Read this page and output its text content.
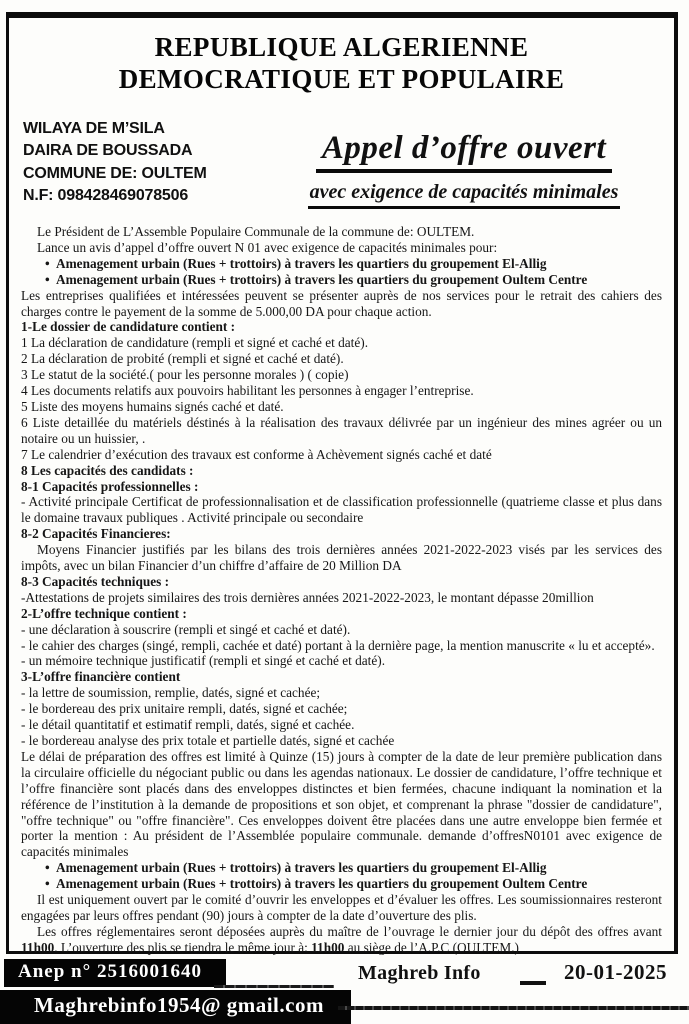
REPUBLIQUE ALGERIENNE DEMOCRATIQUE ET POPULAIRE
WILAYA DE M’SILA
DAIRA DE BOUSSADA
COMMUNE DE: OULTEM
N.F: 098428469078506
Appel d’offre ouvert
avec exigence de capacités minimales
Le Président de L’Assemble Populaire Communale de la commune de: OULTEM.
Lance un avis d’appel d’offre ouvert N 01 avec exigence de capacités minimales pour:
• Amenagement urbain (Rues + trottoirs) à travers les quartiers du groupement El-Allig
• Amenagement urbain (Rues + trottoirs) à travers les quartiers du groupement Oultem Centre
Les entreprises qualifiées et intéressées peuvent se présenter auprès de nos services pour le retrait des cahiers des charges contre le payement de la somme de 5.000,00 DA pour chaque action.
1-Le dossier de candidature contient :
1 La déclaration de candidature (rempli et signé et caché et daté).
2 La déclaration de probité (rempli et signé et caché et daté).
3 Le statut de la société.( pour les personne morales ) ( copie)
4 Les documents relatifs aux pouvoirs habilitant les personnes à engager l’entreprise.
5 Liste des moyens humains signés caché et daté.
6 Liste detaillée du matériels déstinés à la réalisation des travaux délivrée par un ingénieur des mines agréer ou un notaire ou un huissier, .
7 Le calendrier d’exécution des travaux est conforme à Achèvement signés caché et daté
8 Les capacités des candidats :
8-1 Capacités professionnelles :
- Activité principale Certificat de professionnalisation et de classification professionnelle (quatrieme classe et plus dans le domaine travaux publiques . Activité principale ou secondaire
8-2 Capacités Financieres:
Moyens Financier justifiés par les bilans des trois dernières années 2021-2022-2023 visés par les services des impôts, avec un bilan Financier d’un chiffre d’affaire de 20 Million DA
8-3 Capacités techniques :
-Attestations de projets similaires des trois dernières années 2021-2022-2023, le montant dépasse 20million
2-L’offre technique contient :
- une déclaration à souscrire (rempli et singé et caché et daté).
- le cahier des charges (singé, rempli, cachée et daté) portant à la dernière page, la mention manuscrite « lu et accepté».
- un mémoire technique justificatif (rempli et singé et caché et daté).
3-L’offre financière contient
- la lettre de soumission, remplie, datés, signé et cachée;
- le bordereau des prix unitaire rempli, datés, signé et cachée;
- le détail quantitatif et estimatif rempli, datés, signé et cachée.
- le bordereau analyse des prix totale et partielle datés, signé et cachée
Le délai de préparation des offres est limité à Quinze (15) jours à compter de la date de leur première publication dans la circulaire officielle du négociant public ou dans les agendas nationaux. Le dossier de candidature, l’offre technique et l’offre financière sont placés dans des enveloppes distinctes et bien fermées, chacune indiquant la nomination et la référence de l’institution à la demande de propositions et son objet, et comprenant la phrase "dossier de candidature", "offre technique" ou "offre financière". Ces enveloppes doivent être placées dans une autre enveloppe bien fermée et porter la mention : Au président de l’Assemblée populaire communale. demande d’offresN0101 avec exigence de capacités minimales
• Amenagement urbain (Rues + trottoirs) à travers les quartiers du groupement El-Allig
• Amenagement urbain (Rues + trottoirs) à travers les quartiers du groupement Oultem Centre
Il est uniquement ouvert par le comité d’ouvrir les enveloppes et d’évaluer les offres. Les soumissionnaires resteront engagées par leurs offres pendant (90) jours à compter de la date d’ouverture des plis.
Les offres réglementaires seront déposées auprès du maître de l’ouvrage le dernier jour du dépôt des offres avant 11h00. L’ouverture des plis se tiendra le même jour à: 11h00 au siège de l’A.P.C (OULTEM.)
Anep n° 2516001640	Maghreb Info	20-01-2025
Maghrebinfo1954@ gmail.com
